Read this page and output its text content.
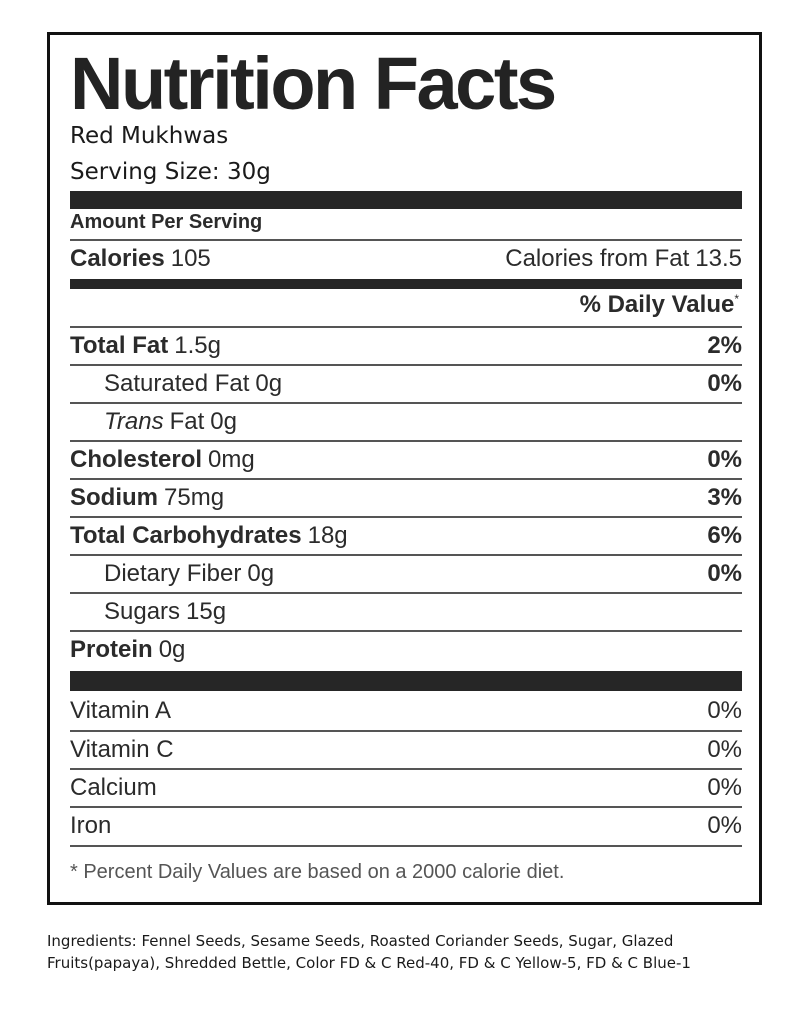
Nutrition Facts
Red Mukhwas
Serving Size: 30g
Amount Per Serving
Calories 105	Calories from Fat 13.5
% Daily Value*
Total Fat 1.5g	2%
Saturated Fat 0g	0%
Trans Fat 0g
Cholesterol 0mg	0%
Sodium 75mg	3%
Total Carbohydrates 18g	6%
Dietary Fiber 0g	0%
Sugars 15g
Protein 0g
Vitamin A	0%
Vitamin C	0%
Calcium	0%
Iron	0%
* Percent Daily Values are based on a 2000 calorie diet.
Ingredients: Fennel Seeds, Sesame Seeds, Roasted Coriander Seeds, Sugar, Glazed Fruits(papaya), Shredded Bettle, Color FD & C Red-40, FD & C Yellow-5, FD & C Blue-1
